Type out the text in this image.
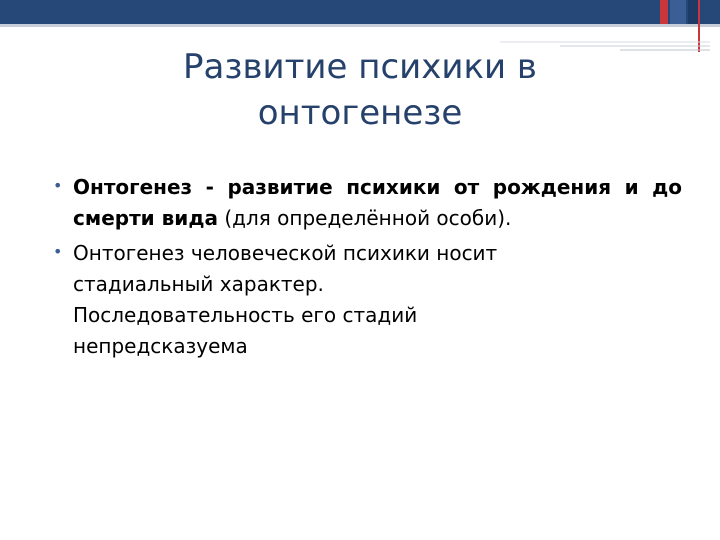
Развитие психики в
онтогенезе
• Онтогенез - развитие психики от рождения и до смерти вида (для определённой особи).
• Онтогенез человеческой психики носит
стадиальный характер.
Последовательность его стадий
непредсказуема
